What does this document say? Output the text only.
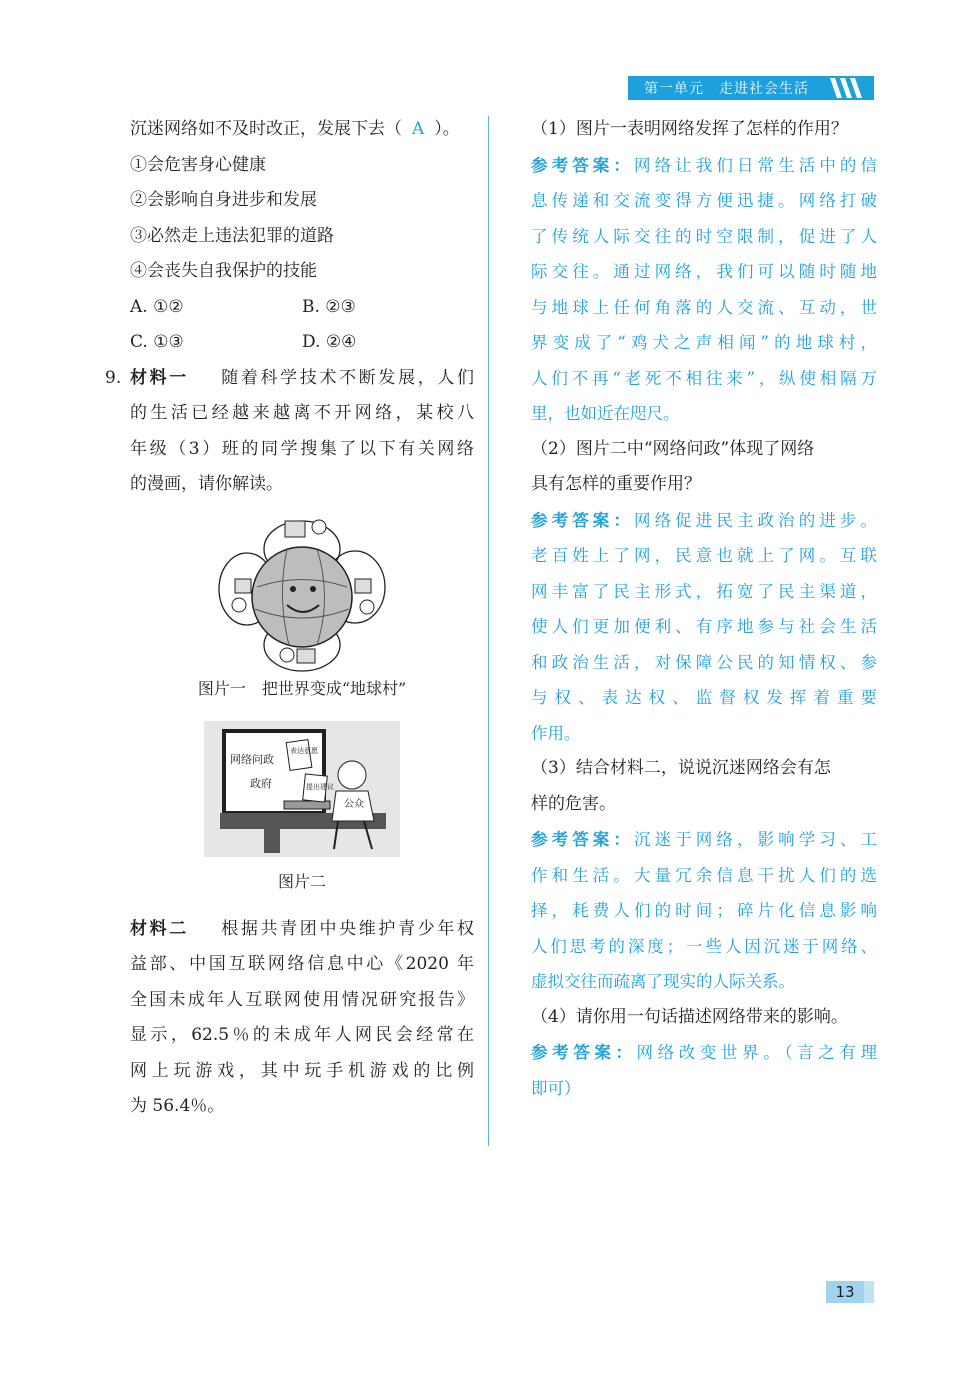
第一单元　走进社会生活
沉迷网络如不及时改正，发展下去（ A ）。
①会危害身心健康
②会影响自身进步和发展
③必然走上违法犯罪的道路
④会丧失自我保护的技能
A. ①②	B. ②③
C. ①③	D. ②④
9. 材料一 随着科学技术不断发展，人们
的生活已经越来越离不开网络，某校八
年级（3）班的同学搜集了以下有关网络
的漫画，请你解读。
图片一　把世界变成“地球村”
网络问政
表达意愿
提出建议
政府
公众
图片二
材料二 根据共青团中央维护青少年权
益部、中国互联网络信息中心《2020 年
全国未成年人互联网使用情况研究报告》
显示，62.5％的未成年人网民会经常在
网上玩游戏，其中玩手机游戏的比例
为 56.4％。
（1）图片一表明网络发挥了怎样的作用？
参考答案：网络让我们日常生活中的信
息传递和交流变得方便迅捷。网络打破
了传统人际交往的时空限制，促进了人
际交往。通过网络，我们可以随时随地
与地球上任何角落的人交流、互动，世
界变成了“鸡犬之声相闻”的地球村，
人们不再“老死不相往来”，纵使相隔万
里，也如近在咫尺。
（2）图片二中“网络问政”体现了网络
具有怎样的重要作用？
参考答案：网络促进民主政治的进步。
老百姓上了网，民意也就上了网。互联
网丰富了民主形式，拓宽了民主渠道，
使人们更加便利、有序地参与社会生活
和政治生活，对保障公民的知情权、参
与权、表达权、监督权发挥着重要
作用。
（3）结合材料二，说说沉迷网络会有怎
样的危害。
参考答案：沉迷于网络，影响学习、工
作和生活。大量冗余信息干扰人们的选
择，耗费人们的时间；碎片化信息影响
人们思考的深度；一些人因沉迷于网络、
虚拟交往而疏离了现实的人际关系。
（4）请你用一句话描述网络带来的影响。
参考答案：网络改变世界。（言之有理
即可）
13
